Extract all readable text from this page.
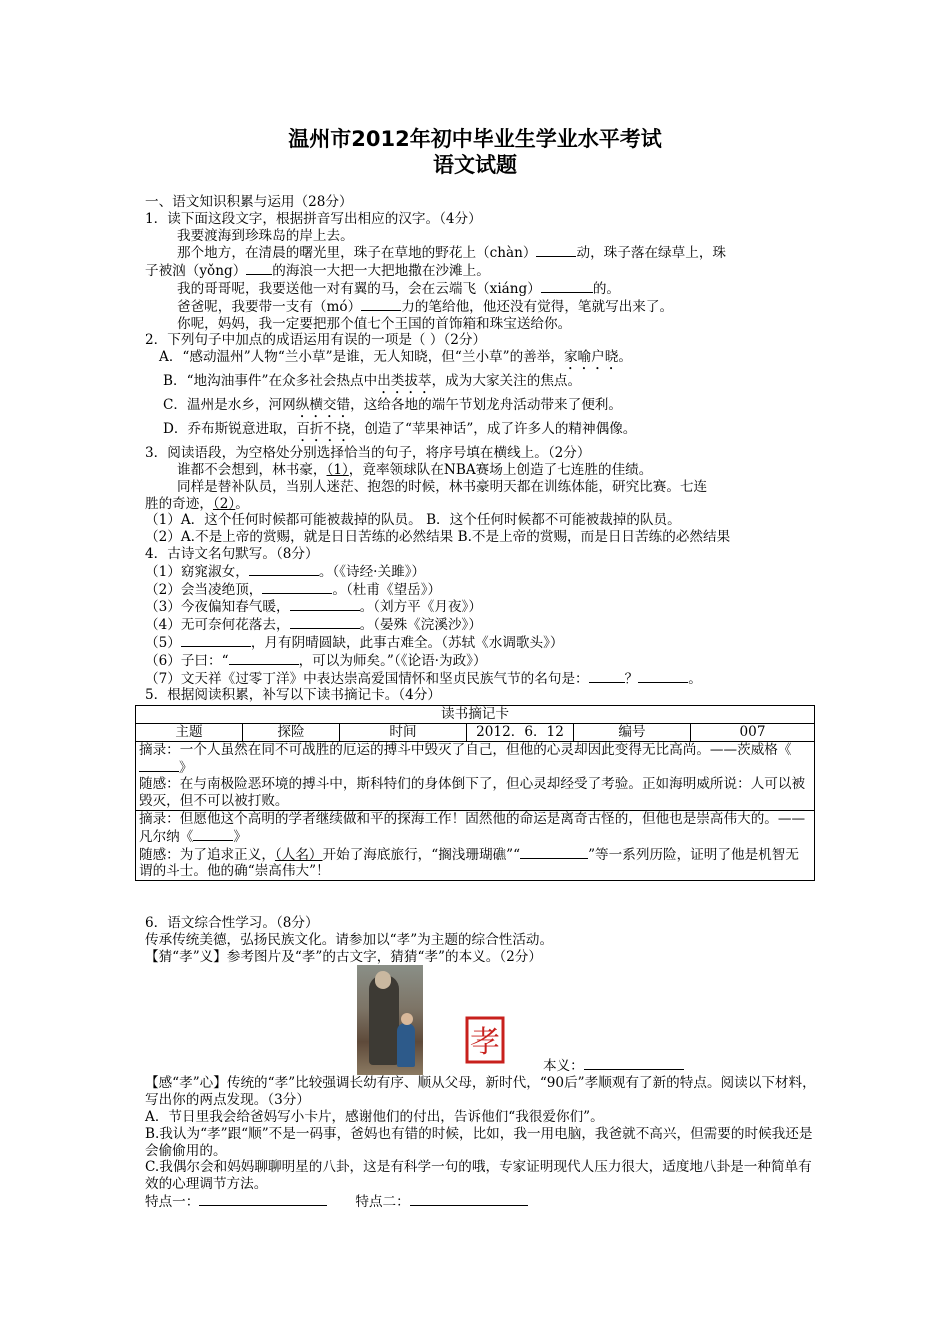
温州市2012年初中毕业生学业水平考试
语文试题

一、语文知识积累与运用（28分）

1．读下面这段文字，根据拼音写出相应的汉字。（4分）

我要渡海到珍珠岛的岸上去。

那个地方，在清晨的曙光里，珠子在草地的野花上（chàn）	动，珠子落在绿草上，珠

子被汹（yǒng） 的海浪一大把一大把地撒在沙滩上。

我的哥哥呢，我要送他一对有翼的马，会在云端飞（xiáng）	的。

爸爸呢，我要带一支有（mó）	力的笔给他，他还没有觉得，笔就写出来了。

你呢，妈妈，我一定要把那个值七个王国的首饰箱和珠宝送给你。

2．下列句子中加点的成语运用有误的一项是（ ）（2分）

A．“感动温州”人物“兰小草”是谁，无人知晓，但“兰小草”的善举，家喻户晓。

B．“地沟油事件”在众多社会热点中出类拔萃，成为大家关注的焦点。

C．温州是水乡，河网纵横交错，这给各地的端午节划龙舟活动带来了便利。

D．乔布斯锐意进取，百折不挠，创造了“苹果神话”，成了许多人的精神偶像。

3．阅读语段，为空格处分别选择恰当的句子，将序号填在横线上。（2分）

谁都不会想到，林书豪，（1），竟率领球队在NBA赛场上创造了七连胜的佳绩。

同样是替补队员，当别人迷茫、抱怨的时候，林书豪明天都在训练体能，研究比赛。七连

胜的奇迹，（2）。

（1）A．这个任何时候都可能被裁掉的队员。 B．这个任何时候都不可能被裁掉的队员。

（2）A.不是上帝的赏赐，就是日日苦练的必然结果 B.不是上帝的赏赐，而是日日苦练的必然结果

4．古诗文名句默写。（8分）

（1）窈窕淑女，	。（《诗经·关雎》）

（2）会当凌绝顶，	。（杜甫《望岳》）

（3）今夜偏知春气暖，	。（刘方平《月夜》）

（4）无可奈何花落去，	。（晏殊《浣溪沙》）

（5）	，月有阴晴圆缺，此事古难全。（苏轼《水调歌头》）

（6）子曰：“	，可以为师矣。”（《论语·为政》）

（7）文天祥《过零丁洋》中表达崇高爱国情怀和坚贞民族气节的名句是：	？	。

5．根据阅读积累，补写以下读书摘记卡。（4分）

读书摘记卡
主题	探险	时间	2012．6．12	编号	007
摘录：一个人虽然在同不可战胜的厄运的搏斗中毁灭了自己，但他的心灵却因此变得无比高尚。——茨威格《》
随感：在与南极险恶环境的搏斗中，斯科特们的身体倒下了，但心灵却经受了考验。正如海明威所说：人可以被毁灭，但不可以被打败。
摘录：但愿他这个高明的学者继续做和平的探海工作！固然他的命运是离奇古怪的，但他也是崇高伟大的。——凡尔纳《	》
随感：为了追求正义，（人名）开始了海底旅行，“搁浅珊瑚礁”“	”等一系列历险，证明了他是机智无谓的斗士。他的确“崇高伟大”！

6．语文综合性学习。（8分）

传承传统美德，弘扬民族文化。请参加以“孝”为主题的综合性活动。

【猜“孝”义】参考图片及“孝”的古文字，猜猜“孝”的本义。（2分）

孝
本义：

【感“孝”心】传统的“孝”比较强调长幼有序、顺从父母，新时代，“90后”孝顺观有了新的特点。阅读以下材料，写出你的两点发现。（3分）

A．节日里我会给爸妈写小卡片，感谢他们的付出，告诉他们“我很爱你们”。

B.我认为“孝”跟“顺”不是一码事，爸妈也有错的时候，比如，我一用电脑，我爸就不高兴，但需要的时候我还是会偷偷用的。

C.我偶尔会和妈妈聊聊明星的八卦，这是有科学一句的哦，专家证明现代人压力很大，适度地八卦是一种简单有效的心理调节方法。

特点一：	特点二：
